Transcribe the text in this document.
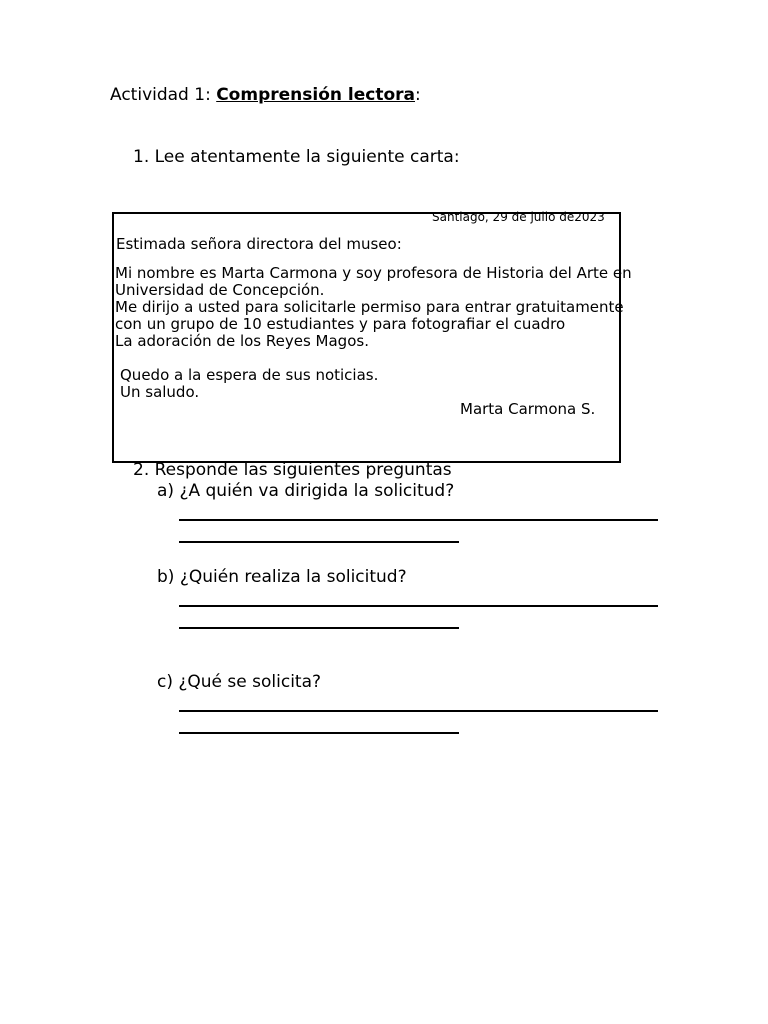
Actividad 1: Comprensión lectora:
1. Lee atentamente la siguiente carta:
Santiago, 29 de julio de2023
Estimada señora directora del museo:
Mi nombre es Marta Carmona y soy profesora de Historia del Arte en
Universidad de Concepción.
Me dirijo a usted para solicitarle permiso para entrar gratuitamente
con un grupo de 10 estudiantes y para fotografiar el cuadro
La adoración de los Reyes Magos.
Quedo a la espera de sus noticias.
Un saludo.
Marta Carmona S.
2. Responde las siguientes preguntas
a) ¿A quién va dirigida la solicitud?
b) ¿Quién realiza la solicitud?
c) ¿Qué se solicita?
